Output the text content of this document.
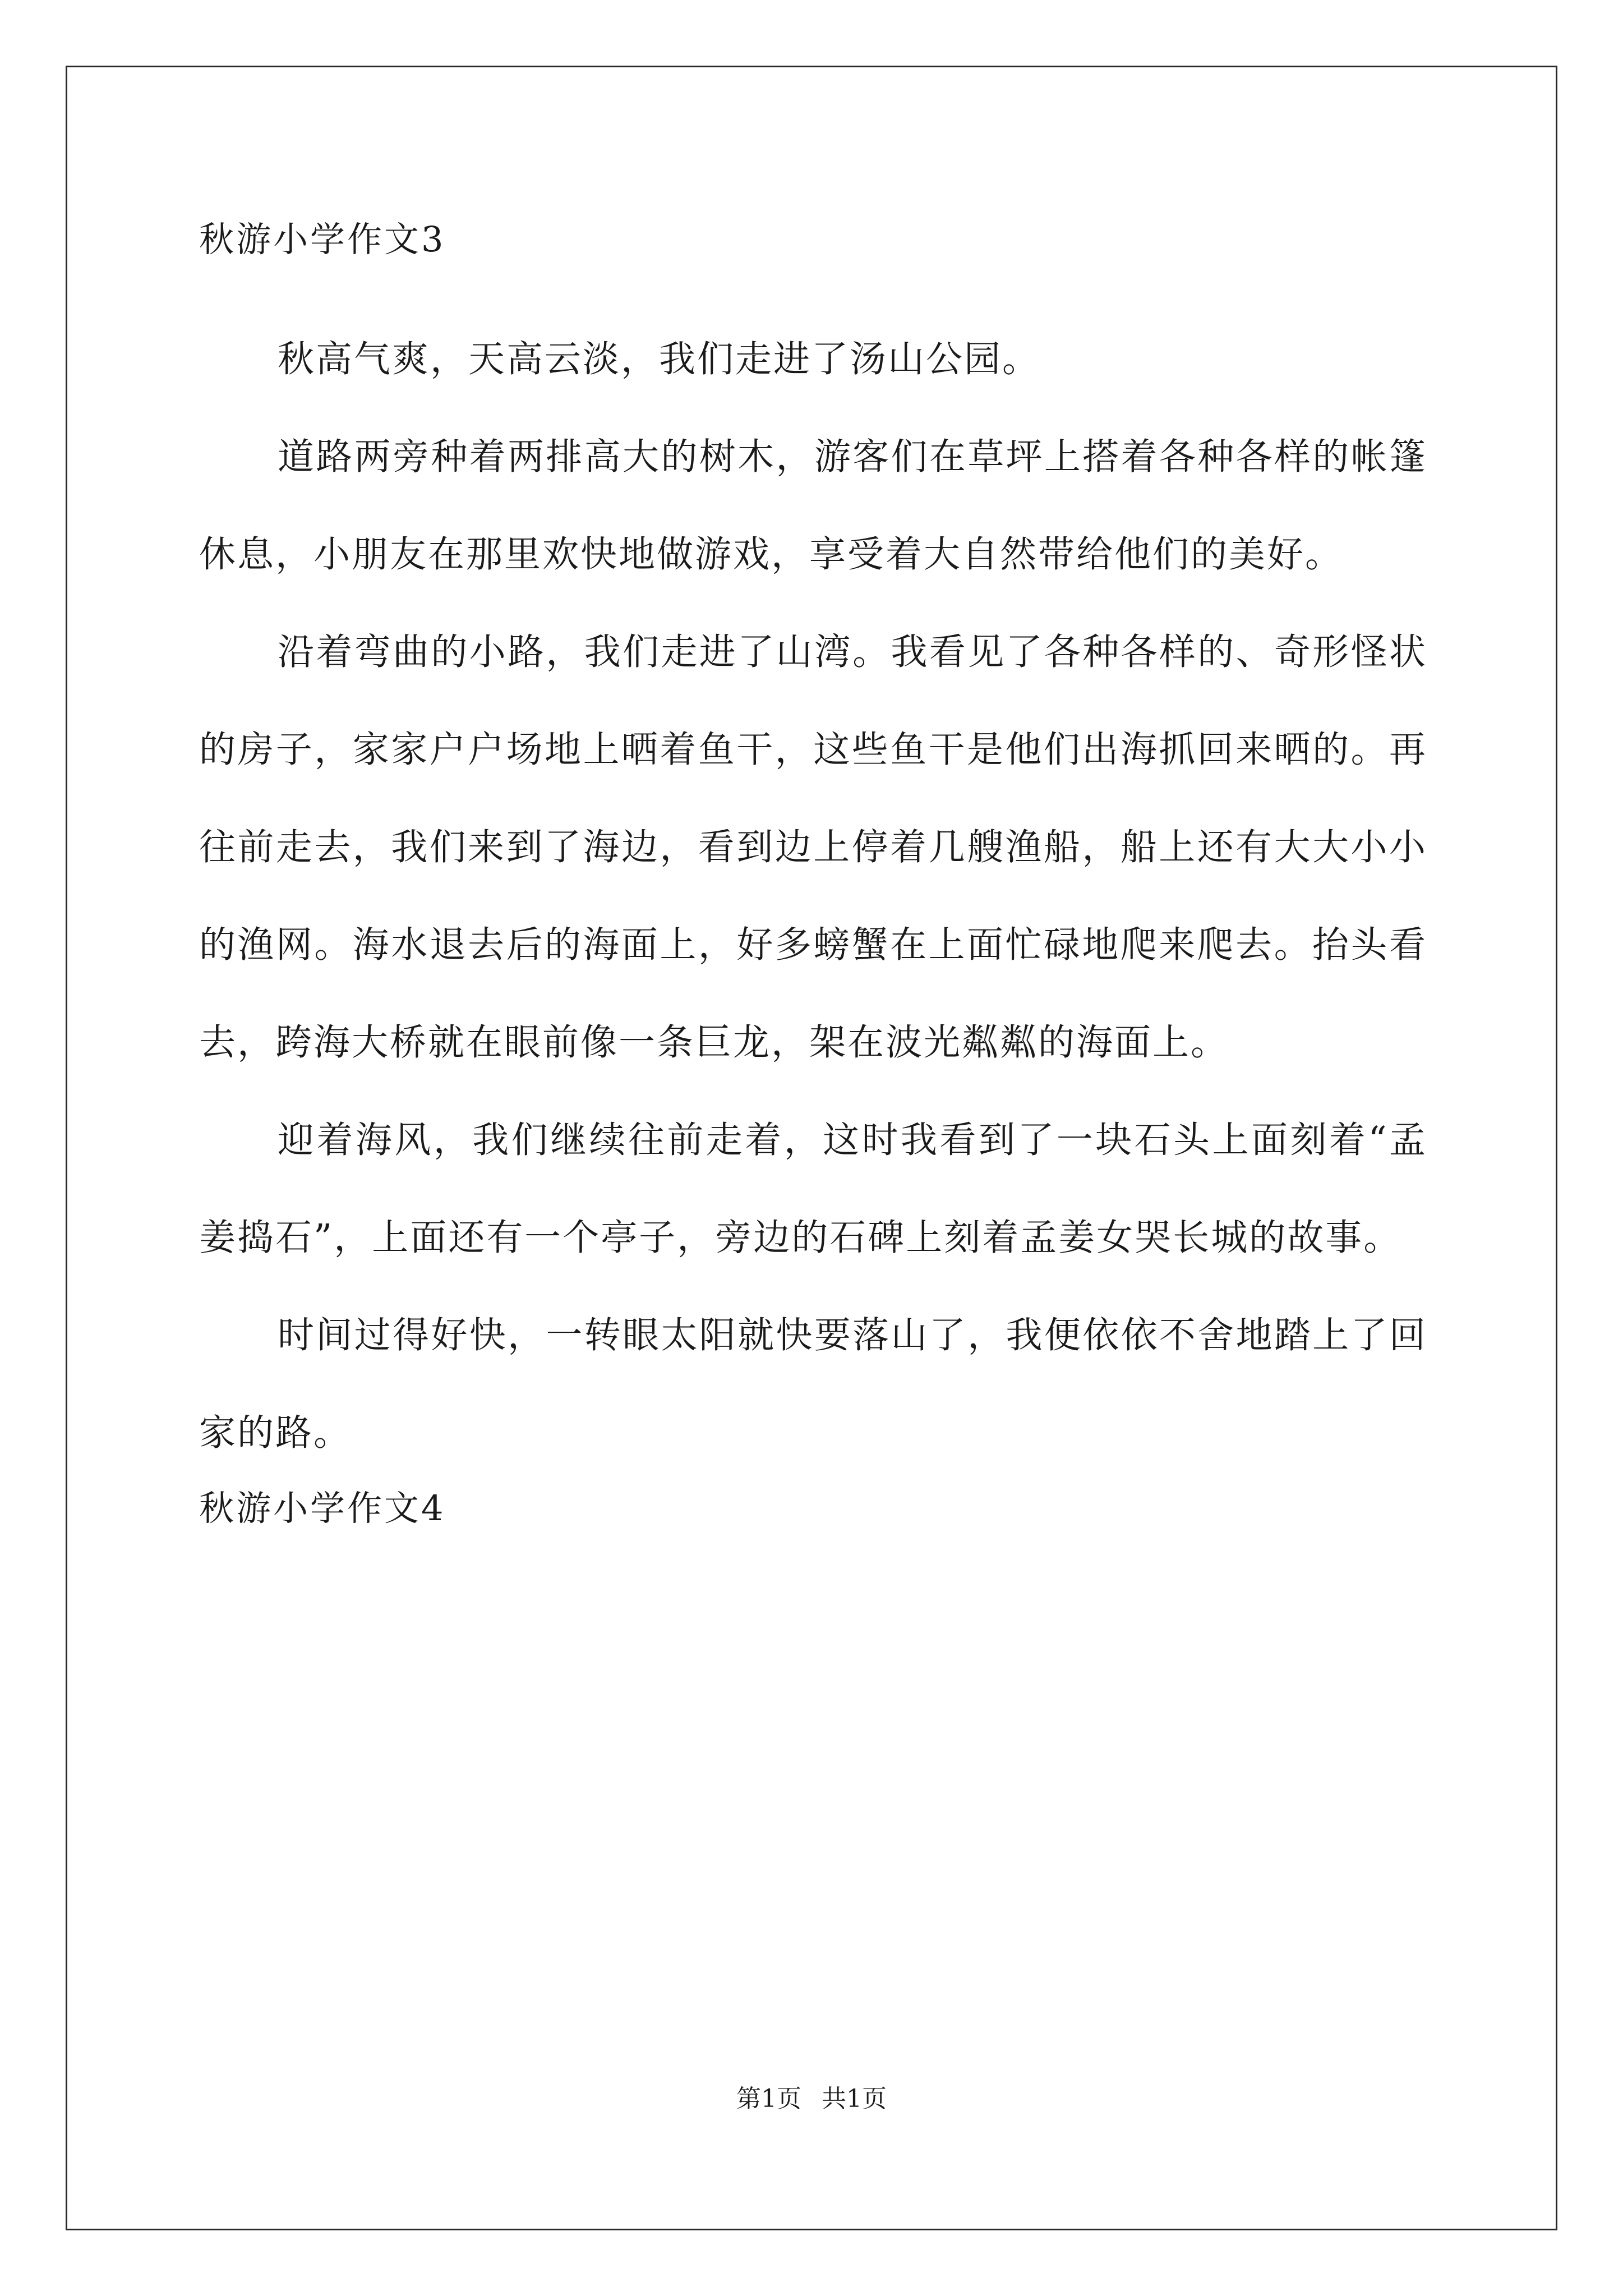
秋游小学作文3

秋高气爽，天高云淡，我们走进了汤山公园。

道路两旁种着两排高大的树木，游客们在草坪上搭着各种各样的帐篷休息，小朋友在那里欢快地做游戏，享受着大自然带给他们的美好。

沿着弯曲的小路，我们走进了山湾。我看见了各种各样的、奇形怪状的房子，家家户户场地上晒着鱼干，这些鱼干是他们出海抓回来晒的。再往前走去，我们来到了海边，看到边上停着几艘渔船，船上还有大大小小的渔网。海水退去后的海面上，好多螃蟹在上面忙碌地爬来爬去。抬头看去，跨海大桥就在眼前像一条巨龙，架在波光粼粼的海面上。

迎着海风，我们继续往前走着，这时我看到了一块石头上面刻着“孟姜捣石”，上面还有一个亭子，旁边的石碑上刻着孟姜女哭长城的故事。

时间过得好快，一转眼太阳就快要落山了，我便依依不舍地踏上了回家的路。

秋游小学作文4
第1页 共1页
